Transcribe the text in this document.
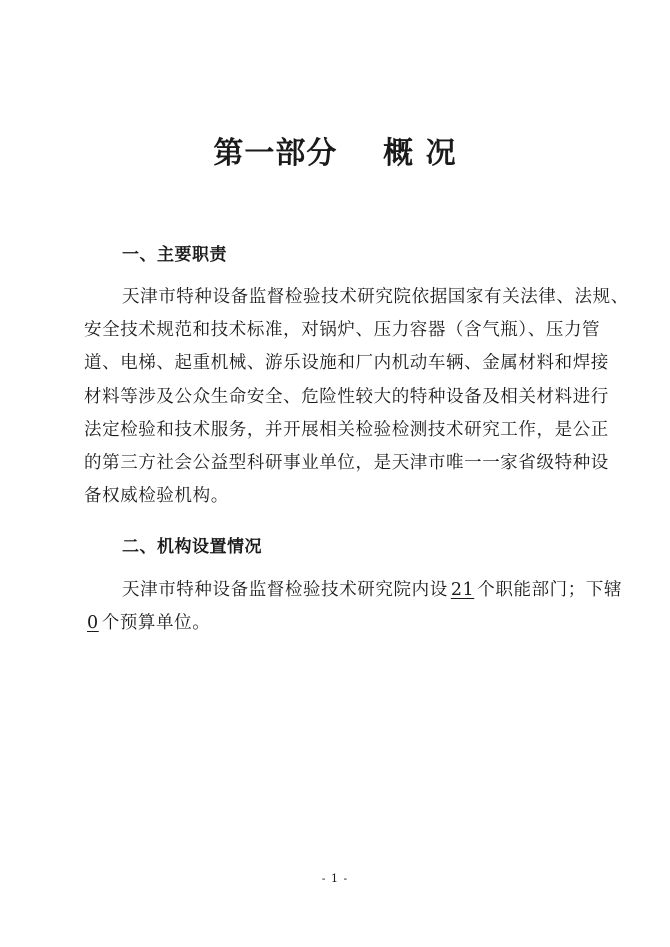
第一部分    概 况
一、主要职责

天津市特种设备监督检验技术研究院依据国家有关法律、法规、
安全技术规范和技术标准，对锅炉、压力容器（含气瓶）、压力管
道、电梯、起重机械、游乐设施和厂内机动车辆、金属材料和焊接
材料等涉及公众生命安全、危险性较大的特种设备及相关材料进行
法定检验和技术服务，并开展相关检验检测技术研究工作，是公正
的第三方社会公益型科研事业单位，是天津市唯一一家省级特种设
备权威检验机构。

二、机构设置情况

天津市特种设备监督检验技术研究院内设 21 个职能部门；下辖
0 个预算单位。

- 1 -
